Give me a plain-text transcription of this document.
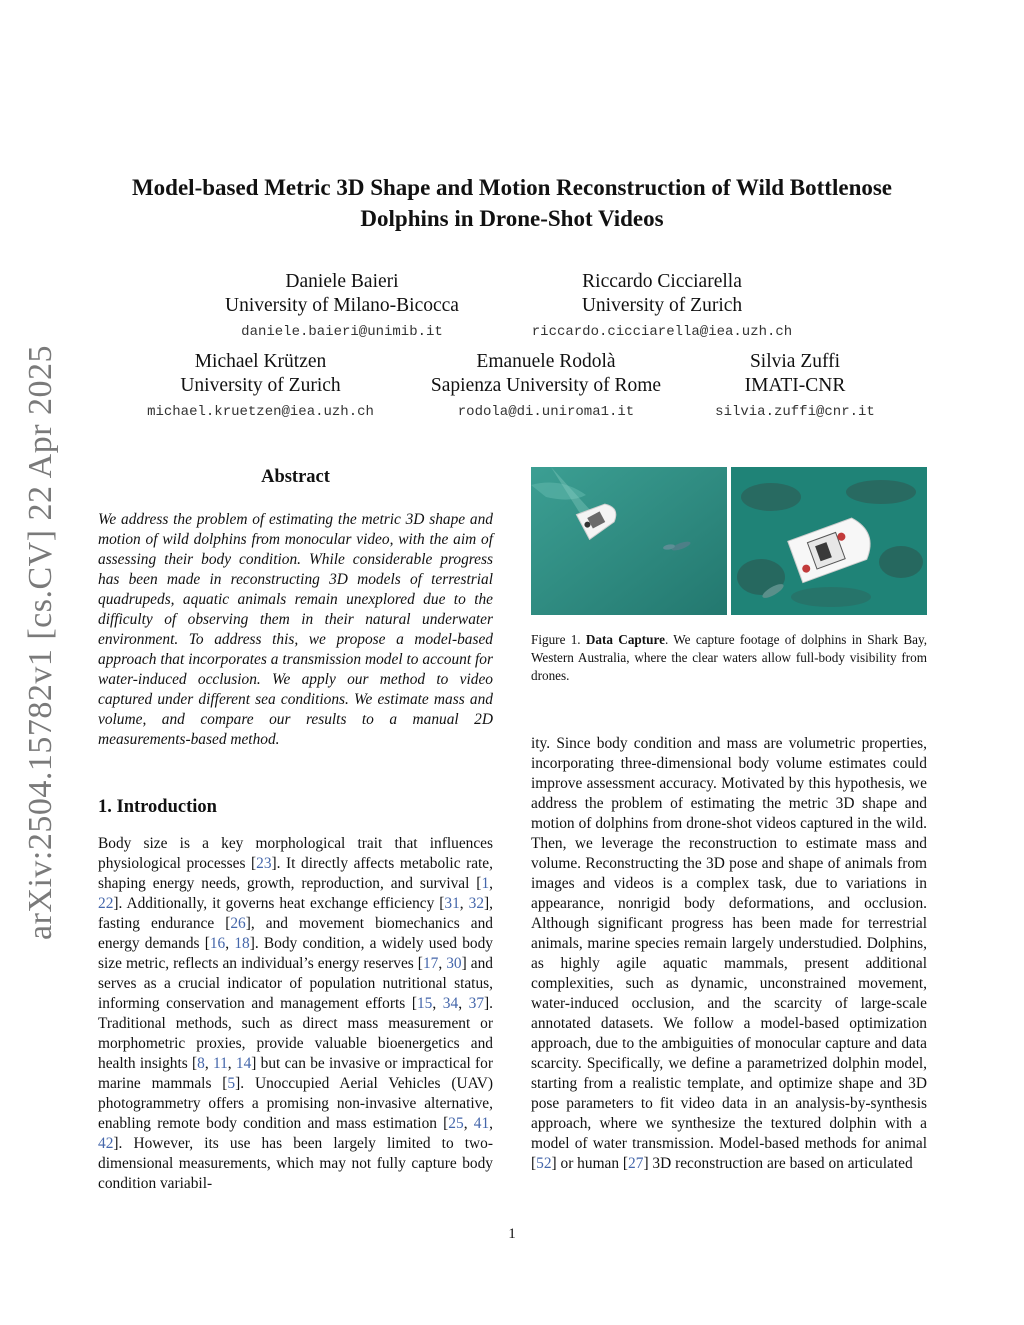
arXiv:2504.15782v1 [cs.CV] 22 Apr 2025
Model-based Metric 3D Shape and Motion Reconstruction of Wild Bottlenose
Dolphins in Drone-Shot Videos
Daniele Baieri
University of Milano-Bicocca
daniele.baieri@unimib.it
Riccardo Cicciarella
University of Zurich
riccardo.cicciarella@iea.uzh.ch
Michael Krützen
University of Zurich
michael.kruetzen@iea.uzh.ch
Emanuele Rodolà
Sapienza University of Rome
rodola@di.uniroma1.it
Silvia Zuffi
IMATI-CNR
silvia.zuffi@cnr.it
Abstract
We address the problem of estimating the metric 3D shape and motion of wild dolphins from monocular video, with the aim of assessing their body condition. While considerable progress has been made in reconstructing 3D models of terrestrial quadrupeds, aquatic animals remain unexplored due to the difficulty of observing them in their natural underwater environment. To address this, we propose a model-based approach that incorporates a transmission model to account for water-induced occlusion. We apply our method to video captured under different sea conditions. We estimate mass and volume, and compare our results to a manual 2D measurements-based method.
1. Introduction
Body size is a key morphological trait that influences physiological processes [23]. It directly affects metabolic rate, shaping energy needs, growth, reproduction, and survival [1, 22]. Additionally, it governs heat exchange efficiency [31, 32], fasting endurance [26], and movement biomechanics and energy demands [16, 18]. Body condition, a widely used body size metric, reflects an individual’s energy reserves [17, 30] and serves as a crucial indicator of population nutritional status, informing conservation and management efforts [15, 34, 37]. Traditional methods, such as direct mass measurement or morphometric proxies, provide valuable bioenergetics and health insights [8, 11, 14] but can be invasive or impractical for marine mammals [5]. Unoccupied Aerial Vehicles (UAV) photogrammetry offers a promising non-invasive alternative, enabling remote body condition and mass estimation [25, 41, 42]. However, its use has been largely limited to two-dimensional measurements, which may not fully capture body condition variabil-
Figure 1. Data Capture. We capture footage of dolphins in Shark Bay, Western Australia, where the clear waters allow full-body visibility from drones.
ity. Since body condition and mass are volumetric properties, incorporating three-dimensional body volume estimates could improve assessment accuracy. Motivated by this hypothesis, we address the problem of estimating the metric 3D shape and motion of dolphins from drone-shot videos captured in the wild. Then, we leverage the reconstruction to estimate mass and volume. Reconstructing the 3D pose and shape of animals from images and videos is a complex task, due to variations in appearance, nonrigid body deformations, and occlusion. Although significant progress has been made for terrestrial animals, marine species remain largely understudied. Dolphins, as highly agile aquatic mammals, present additional complexities, such as dynamic, unconstrained movement, water-induced occlusion, and the scarcity of large-scale annotated datasets. We follow a model-based optimization approach, due to the ambiguities of monocular capture and data scarcity. Specifically, we define a parametrized dolphin model, starting from a realistic template, and optimize shape and 3D pose parameters to fit video data in an analysis-by-synthesis approach, where we synthesize the textured dolphin with a model of water transmission. Model-based methods for animal [52] or human [27] 3D reconstruction are based on articulated
1
